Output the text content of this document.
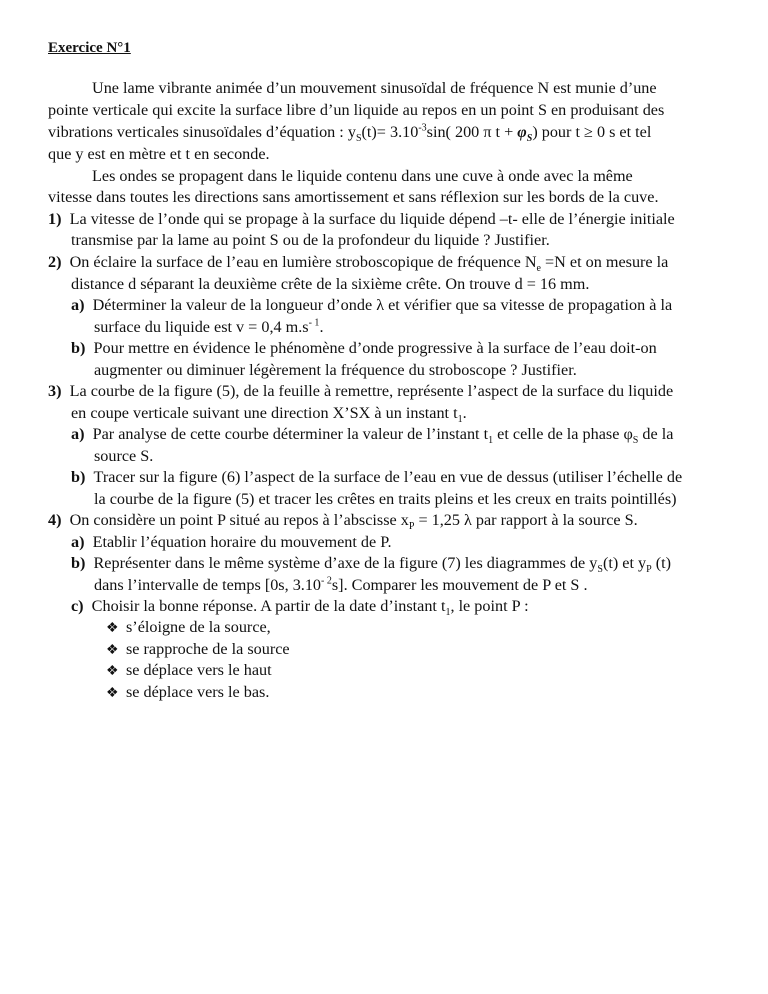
Exercice N°1

Une lame vibrante animée d’un mouvement sinusoïdal de fréquence N est munie d’une

pointe verticale qui excite la surface libre d’un liquide au repos en un point S en produisant des

vibrations verticales sinusoïdales d’équation : $y_S(t)= 3.10^{-3}\sin$( 200 π $t + \varphi_S$) pour t ≥ 0 s et tel

que y est en mètre et t en seconde.

Les ondes se propagent dans le liquide contenu dans une cuve à onde avec la même

vitesse dans toutes les directions sans amortissement et sans réflexion sur les bords de la cuve.

1) La vitesse de l’onde qui se propage à la surface du liquide dépend –t- elle de l’énergie initiale

transmise par la lame au point S ou de la profondeur du liquide ? Justifier.

2) On éclaire la surface de l’eau en lumière stroboscopique de fréquence $N_e =N$ et on mesure la

distance d séparant la deuxième crête de la sixième crête. On trouve d = 16 mm.

a) Déterminer la valeur de la longueur d’onde λ et vérifier que sa vitesse de propagation à la

surface du liquide est v = 0,4 $m.s^{- 1}$.

b) Pour mettre en évidence le phénomène d’onde progressive à la surface de l’eau doit-on

augmenter ou diminuer légèrement la fréquence du stroboscope ? Justifier.

3) La courbe de la figure (5), de la feuille à remettre, représente l’aspect de la surface du liquide

en coupe verticale suivant une direction X’SX à un instant $t_1$.

a) Par analyse de cette courbe déterminer la valeur de l’instant $t_1$ et celle de la phase $\varphi_S$ de la

source S.

b) Tracer sur la figure (6) l’aspect de la surface de l’eau en vue de dessus (utiliser l’échelle de

la courbe de la figure (5) et tracer les crêtes en traits pleins et les creux en traits pointillés)

4) On considère un point P situé au repos à l’abscisse $x_P = 1,25$ λ par rapport à la source S.

a) Etablir l’équation horaire du mouvement de P.

b) Représenter dans le même système d’axe de la figure (7) les diagrammes de $y_S(t)$ et $y_P$ (t)

dans l’intervalle de temps [0s, $3.10^{- 2}s$]. Comparer les mouvement de P et S .

c) Choisir la bonne réponse. A partir de la date d’instant $t_1$, le point P :

❖ s’éloigne de la source,

❖ se rapproche de la source

❖ se déplace vers le haut

❖ se déplace vers le bas.
